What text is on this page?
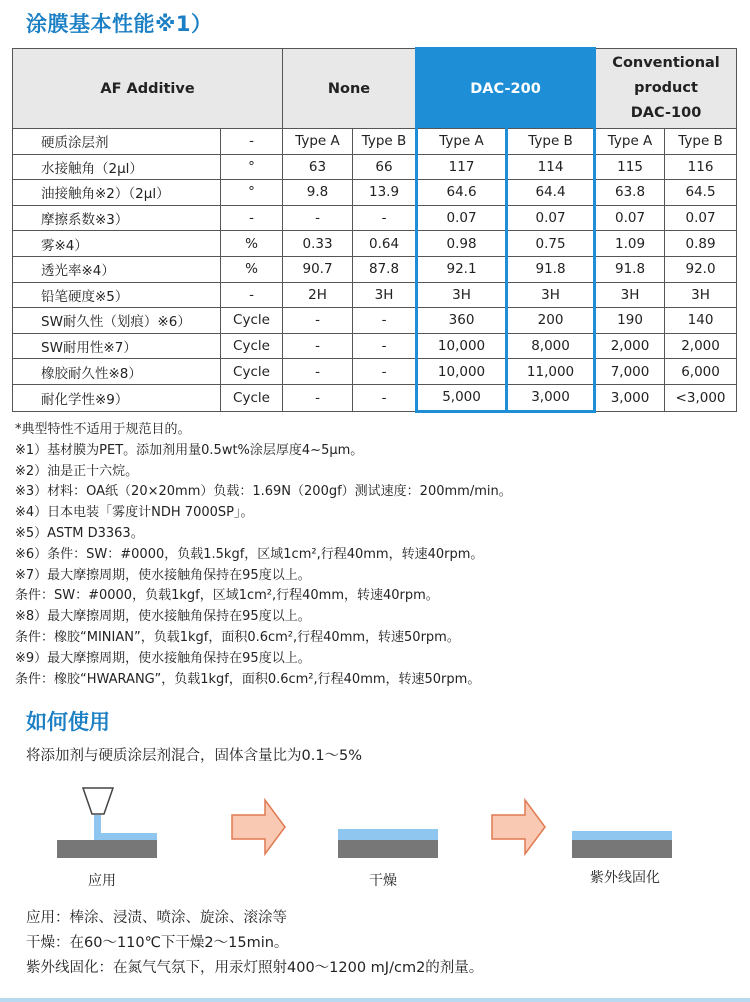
涂膜基本性能※1）
AF Additive		None		DAC-200		Conventional
product
DAC-100	

硬质涂层剂	-	Type A	Type B	Type A	Type B	Type A	Type B
水接触角（2μl）	°	63	66	117	114	115	116
油接触角※2）（2μl）	°	9.8	13.9	64.6	64.4	63.8	64.5
摩擦系数※3）	-	-	-	0.07	0.07	0.07	0.07
雾※4）	%	0.33	0.64	0.98	0.75	1.09	0.89
透光率※4）	%	90.7	87.8	92.1	91.8	91.8	92.0
铅笔硬度※5）	-	2H	3H	3H	3H	3H	3H
SW耐久性（划痕）※6）	Cycle	-	-	360	200	190	140
SW耐用性※7）	Cycle	-	-	10,000	8,000	2,000	2,000
橡胶耐久性※8）	Cycle	-	-	10,000	11,000	7,000	6,000
耐化学性※9）	Cycle	-	-	5,000	3,000	3,000	<3,000
*典型特性不适用于规范目的。
※1）基材膜为PET。添加剂用量0.5wt%涂层厚度4~5μm。
※2）油是正十六烷。
※3）材料：OA纸（20×20mm）负载：1.69N（200gf）测试速度：200mm/min。
※4）日本电装「雾度计NDH 7000SP」。
※5）ASTM D3363。
※6）条件：SW：#0000，负载1.5kgf，区域1cm²,行程40mm，转速40rpm。
※7）最大摩擦周期，使水接触角保持在95度以上。
条件：SW：#0000，负载1kgf，区域1cm²,行程40mm，转速40rpm。
※8）最大摩擦周期，使水接触角保持在95度以上。
条件：橡胶“MINIAN”，负载1kgf，面积0.6cm²,行程40mm，转速50rpm。
※9）最大摩擦周期，使水接触角保持在95度以上。
条件：橡胶“HWARANG”，负载1kgf，面积0.6cm²,行程40mm，转速50rpm。
如何使用
将添加剂与硬质涂层剂混合，固体含量比为0.1～5%
应用	干燥	紫外线固化
应用：棒涂、浸渍、喷涂、旋涂、滚涂等
干燥：在60～110℃下干燥2～15min。
紫外线固化：在氮气气氛下，用汞灯照射400～1200 mJ/cm2的剂量。
